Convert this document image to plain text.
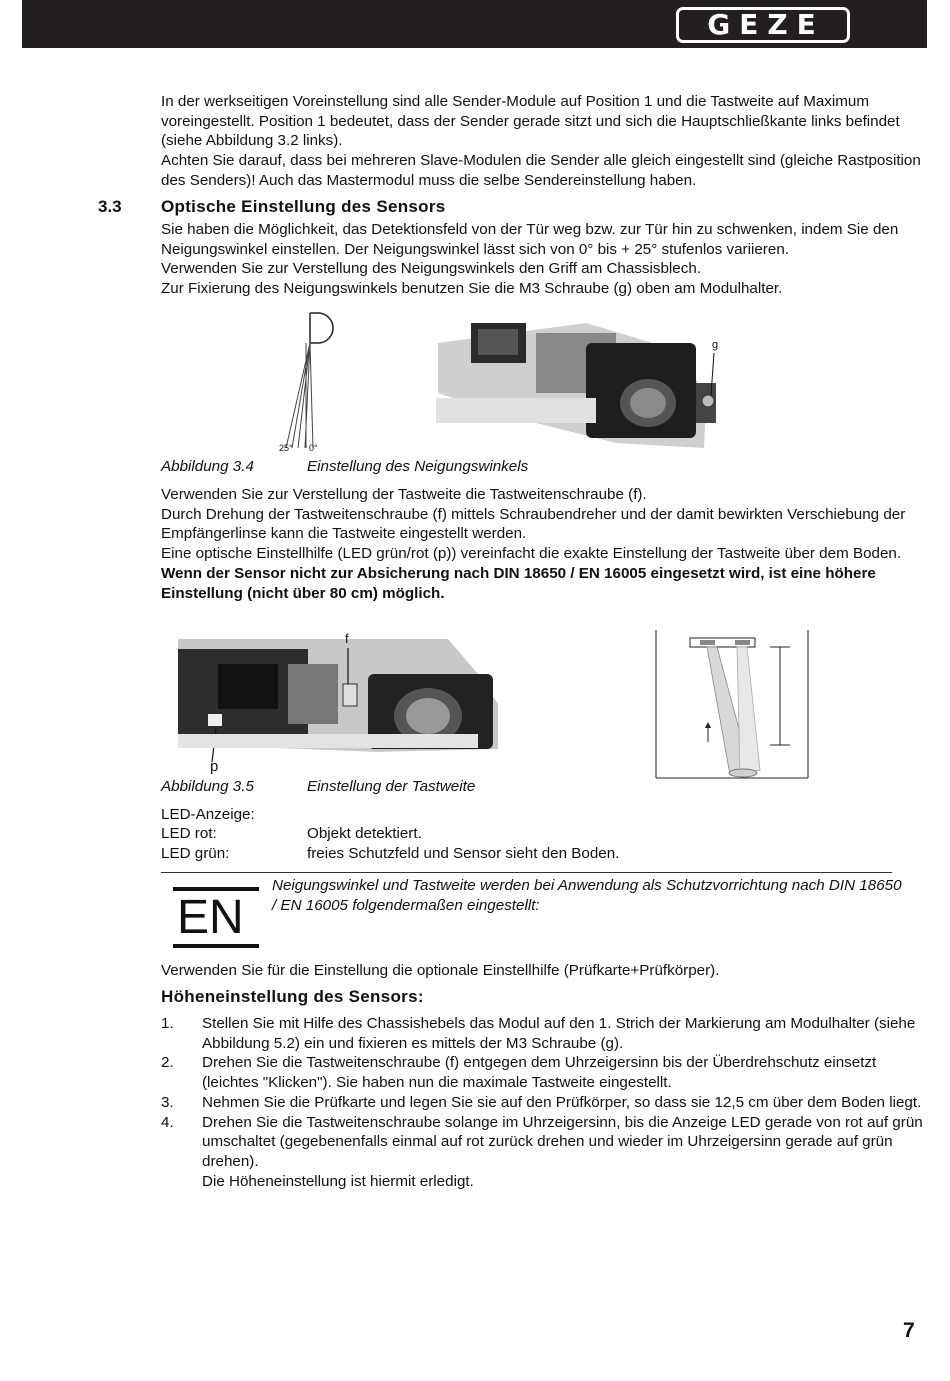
GEZE

In der werkseitigen Voreinstellung sind alle Sender-Module auf Position 1 und die Tastweite auf Maximum voreingestellt. Position 1 bedeutet, dass der Sender gerade sitzt und sich die Hauptschließkante links befindet (siehe Abbildung 3.2 links).

Achten Sie darauf, dass bei mehreren Slave-Modulen die Sender alle gleich eingestellt sind (gleiche Rastposition des Senders)! Auch das Mastermodul muss die selbe Sendereinstellung haben.

3.3 Optische Einstellung des Sensors

Sie haben die Möglichkeit, das Detektionsfeld von der Tür weg bzw. zur Tür hin zu schwenken, indem Sie den Neigungswinkel einstellen. Der Neigungswinkel lässt sich von 0° bis + 25° stufenlos variieren.

Verwenden Sie zur Verstellung des Neigungswinkels den Griff am Chassisblech.

Zur Fixierung des Neigungswinkels benutzen Sie die M3 Schraube (g) oben am Modulhalter.

25° 0°
g
Abbildung 3.4	Einstellung des Neigungswinkels

Verwenden Sie zur Verstellung der Tastweite die Tastweitenschraube (f).

Durch Drehung der Tastweitenschraube (f) mittels Schraubendreher und der damit bewirkten Verschiebung der Empfängerlinse kann die Tastweite eingestellt werden.

Eine optische Einstellhilfe (LED grün/rot (p)) vereinfacht die exakte Einstellung der Tastweite über dem Boden.

Wenn der Sensor nicht zur Absicherung nach DIN 18650 / EN 16005 eingesetzt wird, ist eine höhere Einstellung (nicht über 80 cm) möglich.

f
p
Abbildung 3.5	Einstellung der Tastweite
LED-Anzeige:
LED rot:	Objekt detektiert.
LED grün:	freies Schutzfeld und Sensor sieht den Boden.
EN
Neigungswinkel und Tastweite werden bei Anwendung als Schutzvorrichtung nach DIN 18650 / EN 16005 folgendermaßen eingestellt:
Verwenden Sie für die Einstellung die optionale Einstellhilfe (Prüfkarte+Prüfkörper).
Höheneinstellung des Sensors:
1. Stellen Sie mit Hilfe des Chassishebels das Modul auf den 1. Strich der Markierung am Modulhalter (siehe Abbildung 5.2) ein und fixieren es mittels der M3 Schraube (g).
2. Drehen Sie die Tastweitenschraube (f) entgegen dem Uhrzeigersinn bis der Überdrehschutz einsetzt (leichtes "Klicken"). Sie haben nun die maximale Tastweite eingestellt.
3. Nehmen Sie die Prüfkarte und legen Sie sie auf den Prüfkörper, so dass sie 12,5 cm über dem Boden liegt.
4. Drehen Sie die Tastweitenschraube solange im Uhrzeigersinn, bis die Anzeige LED gerade von rot auf grün umschaltet (gegebenenfalls einmal auf rot zurück drehen und wieder im Uhrzeigersinn gerade auf grün drehen).
Die Höheneinstellung ist hiermit erledigt.
7
